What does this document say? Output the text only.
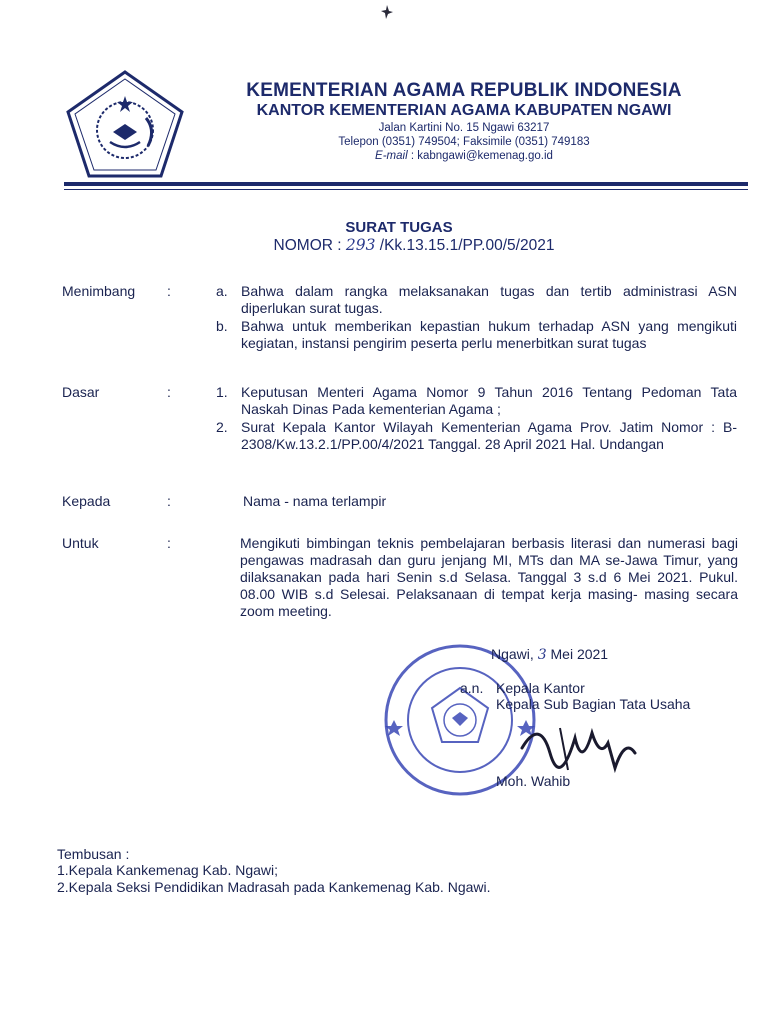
KEMENTERIAN AGAMA REPUBLIK INDONESIA
KANTOR KEMENTERIAN AGAMA KABUPATEN NGAWI
Jalan Kartini No. 15 Ngawi 63217
Telepon (0351) 749504; Faksimile (0351) 749183
E-mail : kabngawi@kemenag.go.id
SURAT TUGAS
NOMOR : 293 /Kk.13.15.1/PP.00/5/2021
Menimbang :	a. Bahwa dalam rangka melaksanakan tugas dan tertib administrasi ASN diperlukan surat tugas.
b. Bahwa untuk memberikan kepastian hukum terhadap ASN yang mengikuti kegiatan, instansi pengirim peserta perlu menerbitkan surat tugas
Dasar	:	1. Keputusan Menteri Agama Nomor 9 Tahun 2016 Tentang Pedoman Tata Naskah Dinas Pada kementerian Agama ;
2. Surat Kepala Kantor Wilayah Kementerian Agama Prov. Jatim Nomor : B-2308/Kw.13.2.1/PP.00/4/2021 Tanggal. 28 April 2021 Hal. Undangan
Kepada	:	Nama - nama terlampir
Untuk	:	Mengikuti bimbingan teknis pembelajaran berbasis literasi dan numerasi bagi pengawas madrasah dan guru jenjang MI, MTs dan MA se-Jawa Timur, yang dilaksanakan pada hari Senin s.d Selasa. Tanggal 3 s.d 6 Mei 2021. Pukul. 08.00 WIB s.d Selesai. Pelaksanaan di tempat kerja masing- masing secara zoom meeting.
Ngawi, 3 Mei 2021
a.n. Kepala Kantor
Kepala Sub Bagian Tata Usaha
Moh. Wahib
Tembusan :
1.Kepala Kankemenag Kab. Ngawi;
2.Kepala Seksi Pendidikan Madrasah pada Kankemenag Kab. Ngawi.
